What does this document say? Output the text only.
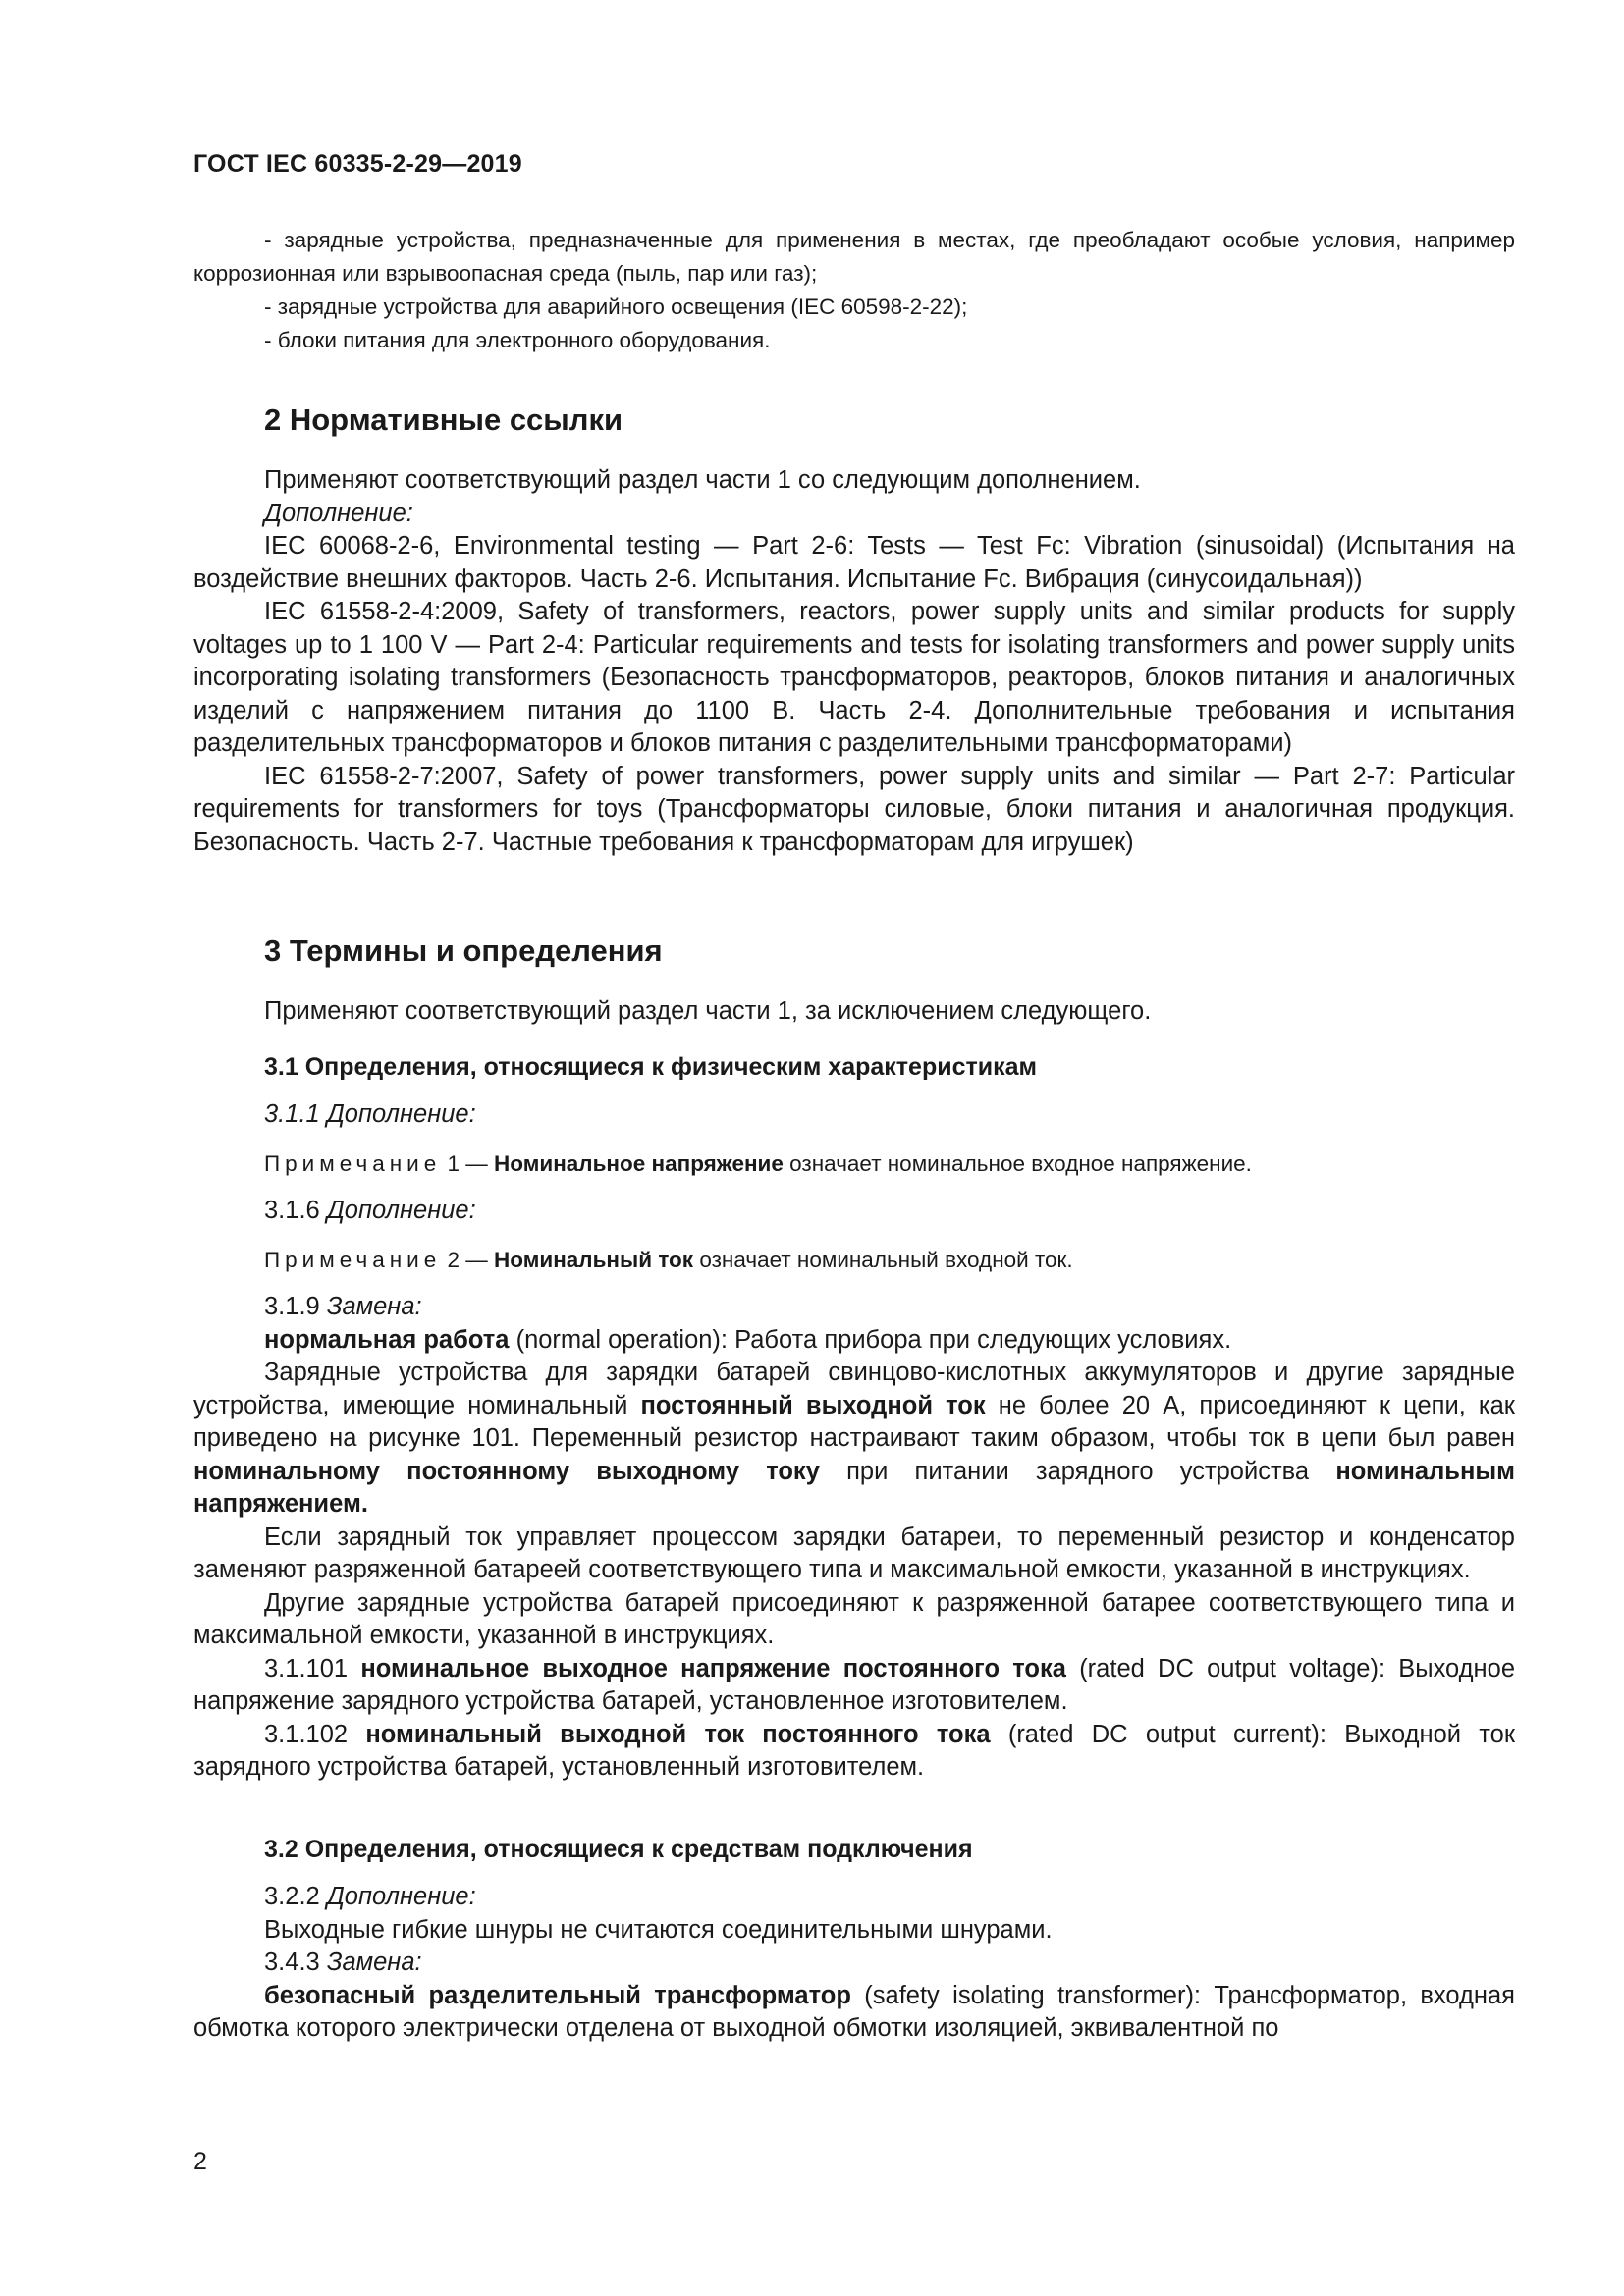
ГОСТ IEC 60335-2-29—2019

- зарядные устройства, предназначенные для применения в местах, где преобладают особые условия, например коррозионная или взрывоопасная среда (пыль, пар или газ);

- зарядные устройства для аварийного освещения (IEC 60598-2-22);

- блоки питания для электронного оборудования.

2 Нормативные ссылки

Применяют соответствующий раздел части 1 со следующим дополнением.

Дополнение:

IEC 60068-2-6, Environmental testing — Part 2-6: Tests — Test Fc: Vibration (sinusoidal) (Испытания на воздействие внешних факторов. Часть 2-6. Испытания. Испытание Fc. Вибрация (синусоидальная))

IEC 61558-2-4:2009, Safety of transformers, reactors, power supply units and similar products for supply voltages up to 1 100 V — Part 2-4: Particular requirements and tests for isolating transformers and power supply units incorporating isolating transformers (Безопасность трансформаторов, реакторов, блоков питания и аналогичных изделий с напряжением питания до 1100 В. Часть 2-4. Дополнительные требования и испытания разделительных трансформаторов и блоков питания с разделительными трансформаторами)

IEC 61558-2-7:2007, Safety of power transformers, power supply units and similar — Part 2-7: Particular requirements for transformers for toys (Трансформаторы силовые, блоки питания и аналогичная продукция. Безопасность. Часть 2-7. Частные требования к трансформаторам для игрушек)

3 Термины и определения

Применяют соответствующий раздел части 1, за исключением следующего.

3.1 Определения, относящиеся к физическим характеристикам

3.1.1 Дополнение:

Примечание 1 — Номинальное напряжение означает номинальное входное напряжение.

3.1.6 Дополнение:

Примечание 2 — Номинальный ток означает номинальный входной ток.

3.1.9 Замена:

нормальная работа (normal operation): Работа прибора при следующих условиях.

Зарядные устройства для зарядки батарей свинцово-кислотных аккумуляторов и другие зарядные устройства, имеющие номинальный постоянный выходной ток не более 20 А, присоединяют к цепи, как приведено на рисунке 101. Переменный резистор настраивают таким образом, чтобы ток в цепи был равен номинальному постоянному выходному току при питании зарядного устройства номинальным напряжением.

Если зарядный ток управляет процессом зарядки батареи, то переменный резистор и конденсатор заменяют разряженной батареей соответствующего типа и максимальной емкости, указанной в инструкциях.

Другие зарядные устройства батарей присоединяют к разряженной батарее соответствующего типа и максимальной емкости, указанной в инструкциях.

3.1.101 номинальное выходное напряжение постоянного тока (rated DC output voltage): Выходное напряжение зарядного устройства батарей, установленное изготовителем.

3.1.102 номинальный выходной ток постоянного тока (rated DC output current): Выходной ток зарядного устройства батарей, установленный изготовителем.

3.2 Определения, относящиеся к средствам подключения

3.2.2 Дополнение:

Выходные гибкие шнуры не считаются соединительными шнурами.

3.4.3 Замена:

безопасный разделительный трансформатор (safety isolating transformer): Трансформатор, входная обмотка которого электрически отделена от выходной обмотки изоляцией, эквивалентной по

2
